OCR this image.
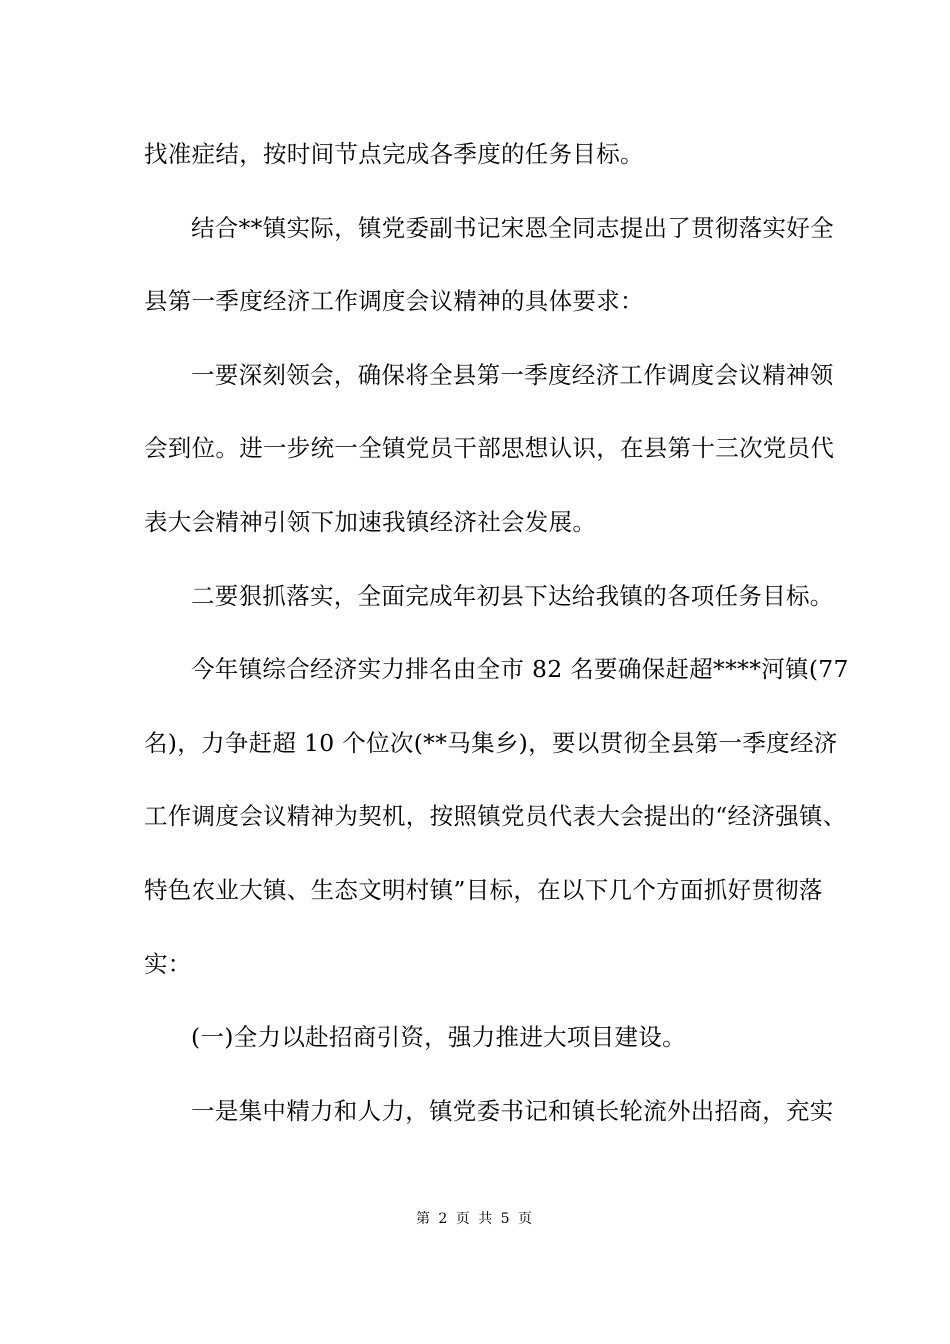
找准症结，按时间节点完成各季度的任务目标。

结合**镇实际，镇党委副书记宋恩全同志提出了贯彻落实好全

县第一季度经济工作调度会议精神的具体要求：

一要深刻领会，确保将全县第一季度经济工作调度会议精神领

会到位。进一步统一全镇党员干部思想认识，在县第十三次党员代

表大会精神引领下加速我镇经济社会发展。

二要狠抓落实，全面完成年初县下达给我镇的各项任务目标。

今年镇综合经济实力排名由全市 82 名要确保赶超****河镇(77

名)，力争赶超 10 个位次(**马集乡)，要以贯彻全县第一季度经济

工作调度会议精神为契机，按照镇党员代表大会提出的“经济强镇、

特色农业大镇、生态文明村镇”目标，在以下几个方面抓好贯彻落

实：

(一)全力以赴招商引资，强力推进大项目建设。

一是集中精力和人力，镇党委书记和镇长轮流外出招商，充实

第 2 页 共 5 页
